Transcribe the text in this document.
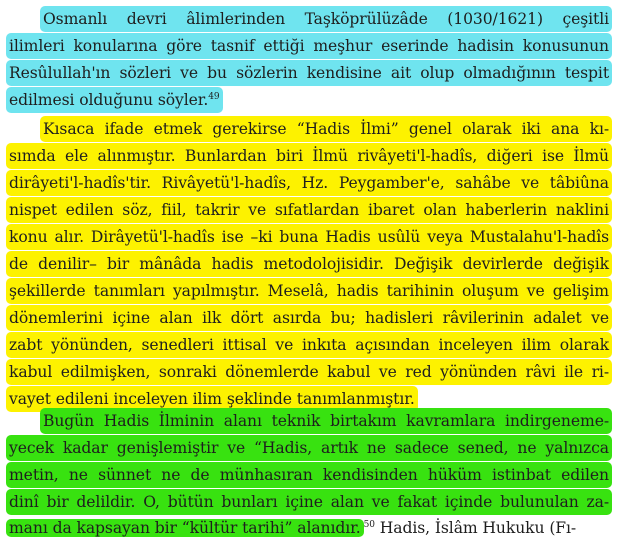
Osmanlı devri âlimlerinden Taşköprülüzâde (1030/1621) çeşitli
ilimleri konularına göre tasnif ettiği meşhur eserinde hadisin konusunun
Resûlullah'ın sözleri ve bu sözlerin kendisine ait olup olmadığının tespit
edilmesi olduğunu söyler.$^{49}$
Kısaca ifade etmek gerekirse “Hadis İlmi” genel olarak iki ana kı-
sımda ele alınmıştır. Bunlardan biri İlmü rivâyeti'l-hadîs, diğeri ise İlmü
dirâyeti'l-hadîs'tir. Rivâyetü'l-hadîs, Hz. Peygamber'e, sahâbe ve tâbiûna
nispet edilen söz, fiil, takrir ve sıfatlardan ibaret olan haberlerin naklini
konu alır. Dirâyetü'l-hadîs ise –ki buna Hadis usûlü veya Mustalahu'l-hadîs
de denilir– bir mânâda hadis metodolojisidir. Değişik devirlerde değişik
şekillerde tanımları yapılmıştır. Meselâ, hadis tarihinin oluşum ve gelişim
dönemlerini içine alan ilk dört asırda bu; hadisleri râvilerinin adalet ve
zabt yönünden, senedleri ittisal ve inkıta açısından inceleyen ilim olarak
kabul edilmişken, sonraki dönemlerde kabul ve red yönünden râvi ile ri-
vayet edileni inceleyen ilim şeklinde tanımlanmıştır.
Bugün Hadis İlminin alanı teknik birtakım kavramlara indirgeneme-
yecek kadar genişlemiştir ve “Hadis, artık ne sadece sened, ne yalnızca
metin, ne sünnet ne de münhasıran kendisinden hüküm istinbat edilen
dinî bir delildir. O, bütün bunları içine alan ve fakat içinde bulunulan za-
manı da kapsayan bir “kültür tarihi” alanıdır. $^{50}$ Hadis, İslâm Hukuku (Fı-
